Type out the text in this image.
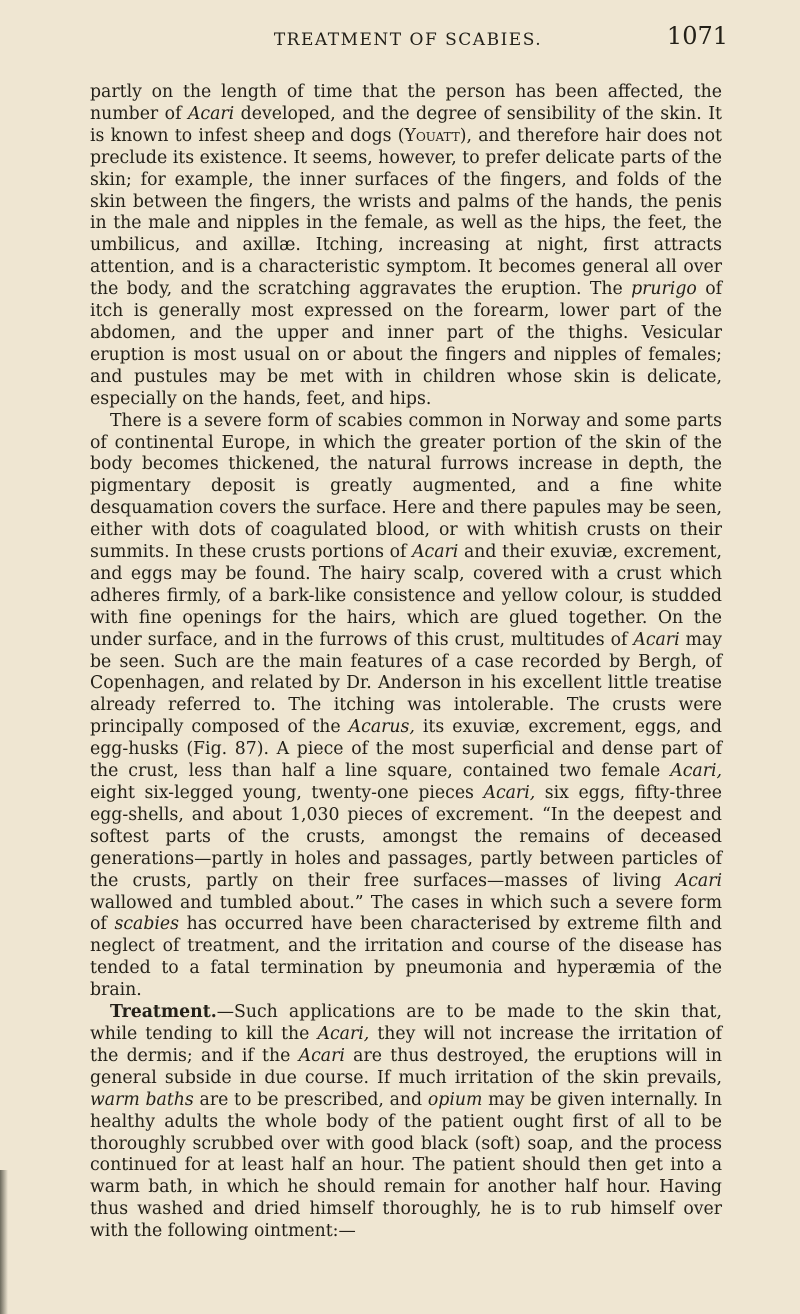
TREATMENT OF SCABIES.	1071

partly on the length of time that the person has been affected, the number of Acari developed, and the degree of sensibility of the skin. It is known to infest sheep and dogs (Youatt), and therefore hair does not preclude its existence. It seems, however, to prefer delicate parts of the skin; for example, the inner surfaces of the fingers, and folds of the skin between the fingers, the wrists and palms of the hands, the penis in the male and nipples in the female, as well as the hips, the feet, the umbilicus, and axillæ. Itching, increasing at night, first attracts attention, and is a characteristic symptom. It becomes general all over the body, and the scratching aggravates the eruption. The prurigo of itch is generally most expressed on the forearm, lower part of the abdomen, and the upper and inner part of the thighs. Vesicular eruption is most usual on or about the fingers and nipples of females; and pustules may be met with in children whose skin is delicate, especially on the hands, feet, and hips.

There is a severe form of scabies common in Norway and some parts of continental Europe, in which the greater portion of the skin of the body becomes thickened, the natural furrows increase in depth, the pigmentary deposit is greatly augmented, and a fine white desquamation covers the surface. Here and there papules may be seen, either with dots of coagulated blood, or with whitish crusts on their summits. In these crusts portions of Acari and their exuviæ, excrement, and eggs may be found. The hairy scalp, covered with a crust which adheres firmly, of a bark-like consistence and yellow colour, is studded with fine openings for the hairs, which are glued together. On the under surface, and in the furrows of this crust, multitudes of Acari may be seen. Such are the main features of a case recorded by Bergh, of Copenhagen, and related by Dr. Anderson in his excellent little treatise already referred to. The itching was intolerable. The crusts were principally composed of the Acarus, its exuviæ, excrement, eggs, and egg-husks (Fig. 87). A piece of the most superficial and dense part of the crust, less than half a line square, contained two female Acari, eight six-legged young, twenty-one pieces Acari, six eggs, fifty-three egg-shells, and about 1,030 pieces of excrement. “In the deepest and softest parts of the crusts, amongst the remains of deceased generations—partly in holes and passages, partly between particles of the crusts, partly on their free surfaces—masses of living Acari wallowed and tumbled about.” The cases in which such a severe form of scabies has occurred have been characterised by extreme filth and neglect of treatment, and the irritation and course of the disease has tended to a fatal termination by pneumonia and hyperæmia of the brain.

Treatment.—Such applications are to be made to the skin that, while tending to kill the Acari, they will not increase the irritation of the dermis; and if the Acari are thus destroyed, the eruptions will in general subside in due course. If much irritation of the skin prevails, warm baths are to be prescribed, and opium may be given internally. In healthy adults the whole body of the patient ought first of all to be thoroughly scrubbed over with good black (soft) soap, and the process continued for at least half an hour. The patient should then get into a warm bath, in which he should remain for another half hour. Having thus washed and dried himself thoroughly, he is to rub himself over with the following ointment:—
